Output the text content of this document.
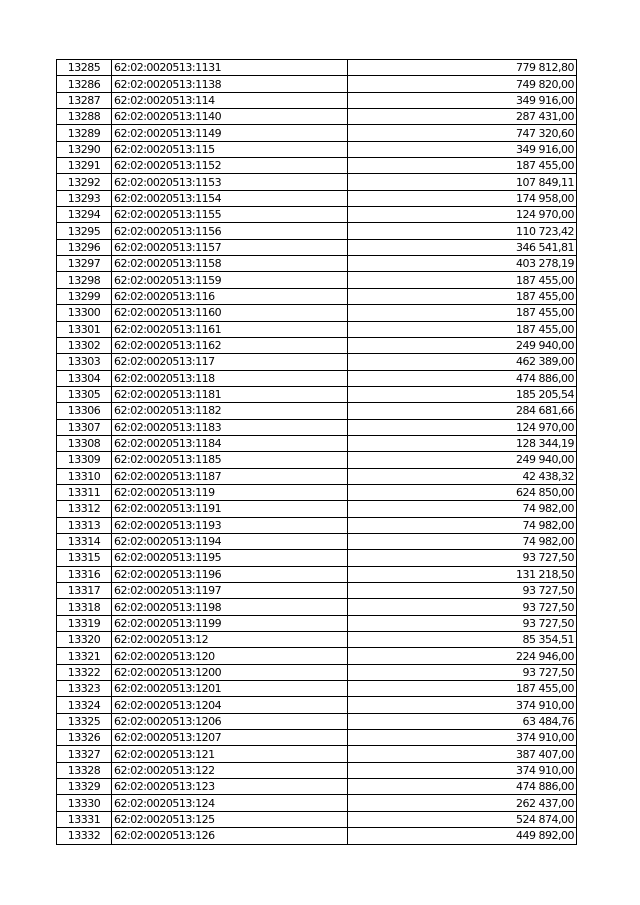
13285	62:02:0020513:1131	779 812,80
13286	62:02:0020513:1138	749 820,00
13287	62:02:0020513:114	349 916,00
13288	62:02:0020513:1140	287 431,00
13289	62:02:0020513:1149	747 320,60
13290	62:02:0020513:115	349 916,00
13291	62:02:0020513:1152	187 455,00
13292	62:02:0020513:1153	107 849,11
13293	62:02:0020513:1154	174 958,00
13294	62:02:0020513:1155	124 970,00
13295	62:02:0020513:1156	110 723,42
13296	62:02:0020513:1157	346 541,81
13297	62:02:0020513:1158	403 278,19
13298	62:02:0020513:1159	187 455,00
13299	62:02:0020513:116	187 455,00
13300	62:02:0020513:1160	187 455,00
13301	62:02:0020513:1161	187 455,00
13302	62:02:0020513:1162	249 940,00
13303	62:02:0020513:117	462 389,00
13304	62:02:0020513:118	474 886,00
13305	62:02:0020513:1181	185 205,54
13306	62:02:0020513:1182	284 681,66
13307	62:02:0020513:1183	124 970,00
13308	62:02:0020513:1184	128 344,19
13309	62:02:0020513:1185	249 940,00
13310	62:02:0020513:1187	42 438,32
13311	62:02:0020513:119	624 850,00
13312	62:02:0020513:1191	74 982,00
13313	62:02:0020513:1193	74 982,00
13314	62:02:0020513:1194	74 982,00
13315	62:02:0020513:1195	93 727,50
13316	62:02:0020513:1196	131 218,50
13317	62:02:0020513:1197	93 727,50
13318	62:02:0020513:1198	93 727,50
13319	62:02:0020513:1199	93 727,50
13320	62:02:0020513:12	85 354,51
13321	62:02:0020513:120	224 946,00
13322	62:02:0020513:1200	93 727,50
13323	62:02:0020513:1201	187 455,00
13324	62:02:0020513:1204	374 910,00
13325	62:02:0020513:1206	63 484,76
13326	62:02:0020513:1207	374 910,00
13327	62:02:0020513:121	387 407,00
13328	62:02:0020513:122	374 910,00
13329	62:02:0020513:123	474 886,00
13330	62:02:0020513:124	262 437,00
13331	62:02:0020513:125	524 874,00
13332	62:02:0020513:126	449 892,00
